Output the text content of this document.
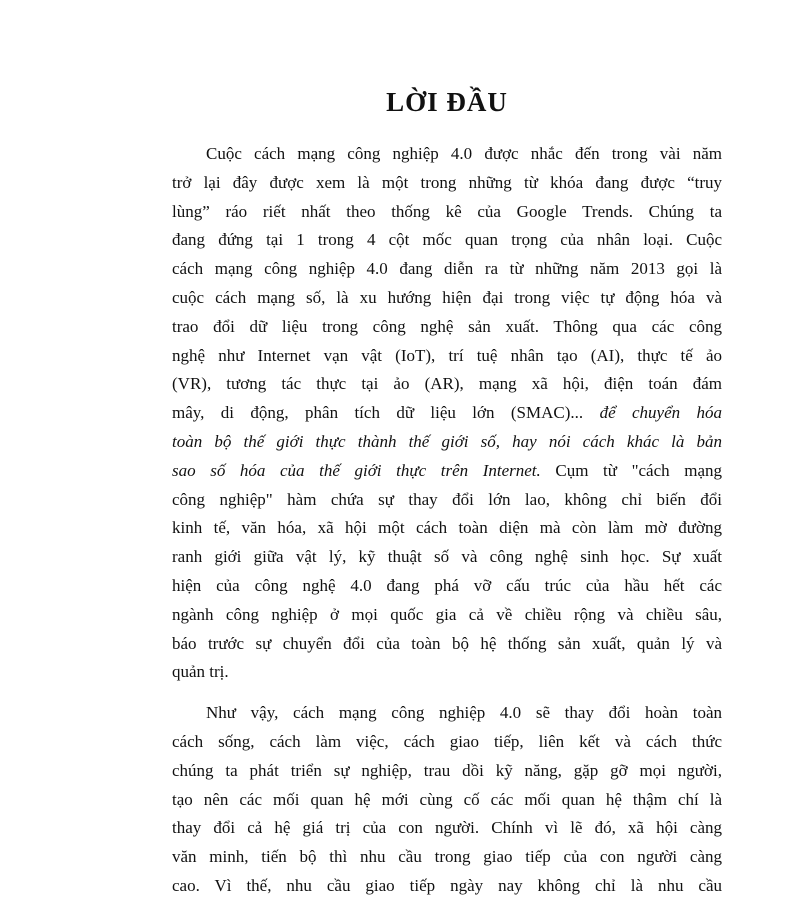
LỜI ĐẦU

Cuộc cách mạng công nghiệp 4.0 được nhắc đến trong vài năm
trở lại đây được xem là một trong những từ khóa đang được “truy
lùng” ráo riết nhất theo thống kê của Google Trends. Chúng ta
đang đứng tại 1 trong 4 cột mốc quan trọng của nhân loại. Cuộc
cách mạng công nghiệp 4.0 đang diễn ra từ những năm 2013 gọi là
cuộc cách mạng số, là xu hướng hiện đại trong việc tự động hóa và
trao đổi dữ liệu trong công nghệ sản xuất. Thông qua các công
nghệ như Internet vạn vật (IoT), trí tuệ nhân tạo (AI), thực tế ảo
(VR), tương tác thực tại ảo (AR), mạng xã hội, điện toán đám
mây, di động, phân tích dữ liệu lớn (SMAC)... để chuyển hóa
toàn bộ thế giới thực thành thế giới số, hay nói cách khác là bản
sao số hóa của thế giới thực trên Internet. Cụm từ "cách mạng
công nghiệp" hàm chứa sự thay đổi lớn lao, không chỉ biến đổi
kinh tế, văn hóa, xã hội một cách toàn diện mà còn làm mờ đường
ranh giới giữa vật lý, kỹ thuật số và công nghệ sinh học. Sự xuất
hiện của công nghệ 4.0 đang phá vỡ cấu trúc của hầu hết các
ngành công nghiệp ở mọi quốc gia cả về chiều rộng và chiều sâu,
báo trước sự chuyển đổi của toàn bộ hệ thống sản xuất, quản lý và
quản trị.

Như vậy, cách mạng công nghiệp 4.0 sẽ thay đổi hoàn toàn
cách sống, cách làm việc, cách giao tiếp, liên kết và cách thức
chúng ta phát triển sự nghiệp, trau dồi kỹ năng, gặp gỡ mọi người,
tạo nên các mối quan hệ mới cùng cố các mối quan hệ thậm chí là
thay đổi cả hệ giá trị của con người. Chính vì lẽ đó, xã hội càng
văn minh, tiến bộ thì nhu cầu trong giao tiếp của con người càng
cao. Vì thế, nhu cầu giao tiếp ngày nay không chỉ là nhu cầu
